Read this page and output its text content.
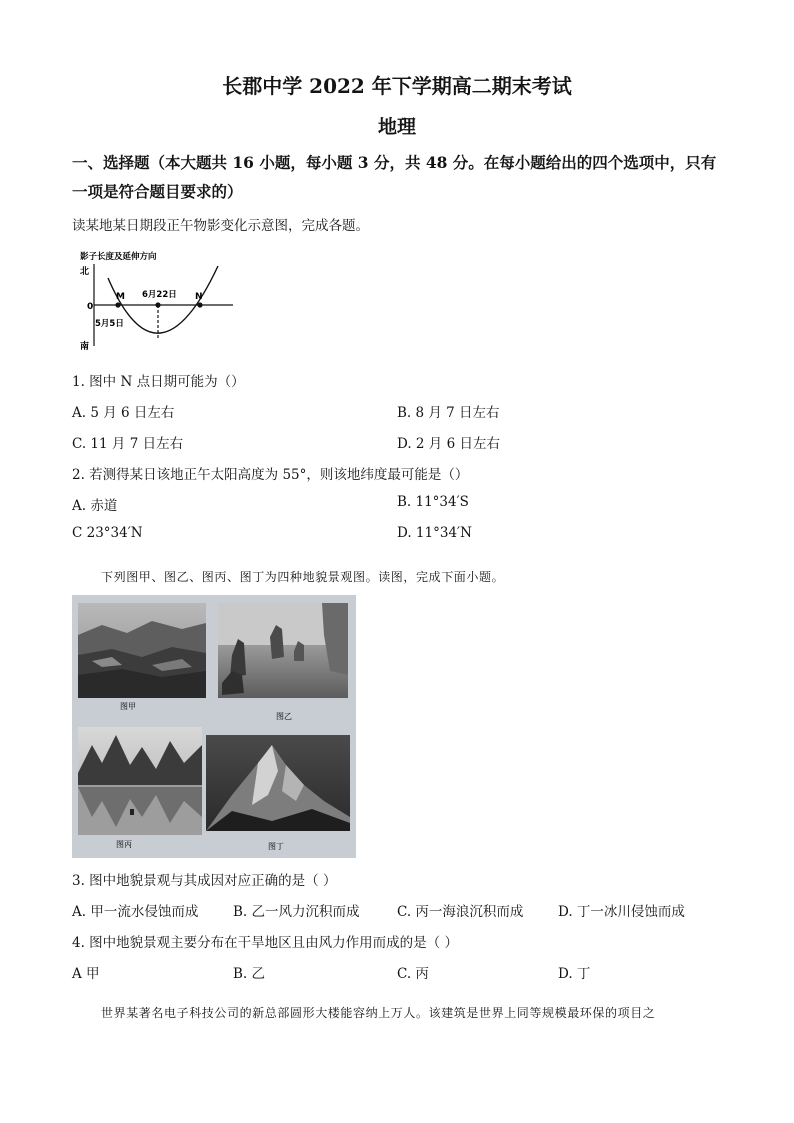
长郡中学 2022 年下学期高二期末考试
地理
一、选择题（本大题共 16 小题，每小题 3 分，共 48 分。在每小题给出的四个选项中，只有
一项是符合题目要求的）
读某地某日期段正午物影变化示意图，完成各题。
影子长度及延伸方向
北
南
0
M 6月22日 N
5月5日
1. 图中 N 点日期可能为（）
A. 5 月 6 日左右	B. 8 月 7 日左右
C. 11 月 7 日左右	D. 2 月 6 日左右
2. 若测得某日该地正午太阳高度为 55°，则该地纬度最可能是（）
A. 赤道	B. 11°34′S
C 23°34′N	D. 11°34′N
下列图甲、图乙、图丙、图丁为四种地貌景观图。读图，完成下面小题。
图甲
图乙
图丙	图丁
3. 图中地貌景观与其成因对应正确的是（ ）
A. 甲一流水侵蚀而成	B. 乙一风力沉积而成	C. 丙一海浪沉积而成	D. 丁一冰川侵蚀而成
4. 图中地貌景观主要分布在干旱地区且由风力作用而成的是（ ）
A 甲	B. 乙	C. 丙	D. 丁
世界某著名电子科技公司的新总部圆形大楼能容纳上万人。该建筑是世界上同等规模最环保的项目之
